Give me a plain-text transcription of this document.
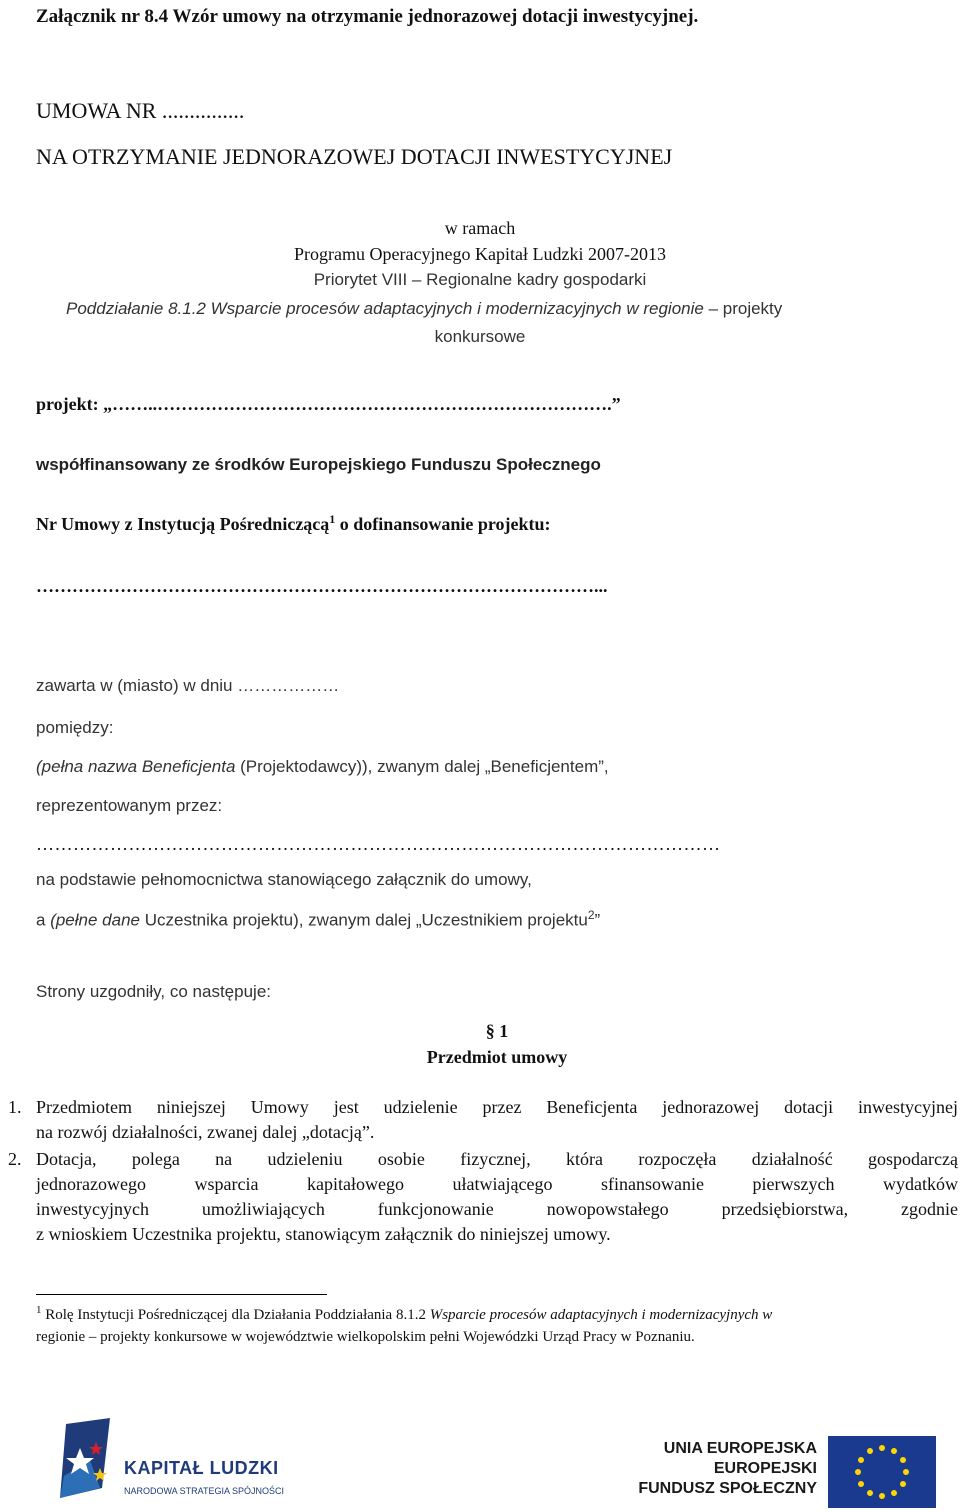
Załącznik nr 8.4 Wzór umowy na otrzymanie jednorazowej dotacji inwestycyjnej.
UMOWA NR ...............
NA OTRZYMANIE JEDNORAZOWEJ DOTACJI INWESTYCYJNEJ
w ramach
Programu Operacyjnego Kapitał Ludzki 2007-2013
Priorytet VIII – Regionalne kadry gospodarki
Poddziałanie 8.1.2 Wsparcie procesów adaptacyjnych i modernizacyjnych w regionie – projekty
konkursowe
projekt: „……..………………………………………………………………….”
współfinansowany ze środków Europejskiego Funduszu Społecznego
Nr Umowy z Instytucją Pośredniczącą$^1$ o dofinansowanie projektu:
…………………………………………………………………………………...
zawarta w (miasto) w dniu ………………
pomiędzy:
(pełna nazwa Beneficjenta (Projektodawcy)), zwanym dalej „Beneficjentem”,
reprezentowanym przez:
…………………………………………………………………………………………………
na podstawie pełnomocnictwa stanowiącego załącznik do umowy,
a (pełne dane Uczestnika projektu), zwanym dalej „Uczestnikiem projektu$^2$”
Strony uzgodniły, co następuje:
§ 1
Przedmiot umowy
1. Przedmiotem niniejszej Umowy jest udzielenie przez Beneficjenta jednorazowej dotacji inwestycyjnej
na rozwój działalności, zwanej dalej „dotacją”.
2. Dotacja, polega na udzieleniu osobie fizycznej, która rozpoczęła działalność gospodarczą
jednorazowego wsparcia kapitałowego ułatwiającego sfinansowanie pierwszych wydatków
inwestycyjnych umożliwiających funkcjonowanie nowopowstałego przedsiębiorstwa, zgodnie
z wnioskiem Uczestnika projektu, stanowiącym załącznik do niniejszej umowy.
$^1$ Rolę Instytucji Pośredniczącej dla Działania Poddziałania 8.1.2 Wsparcie procesów adaptacyjnych i modernizacyjnych w
regionie – projekty konkursowe w województwie wielkopolskim pełni Wojewódzki Urząd Pracy w Poznaniu.
KAPITAŁ LUDZKI
NARODOWA STRATEGIA SPÓJNOŚCI
UNIA EUROPEJSKA
EUROPEJSKI
FUNDUSZ SPOŁECZNY
